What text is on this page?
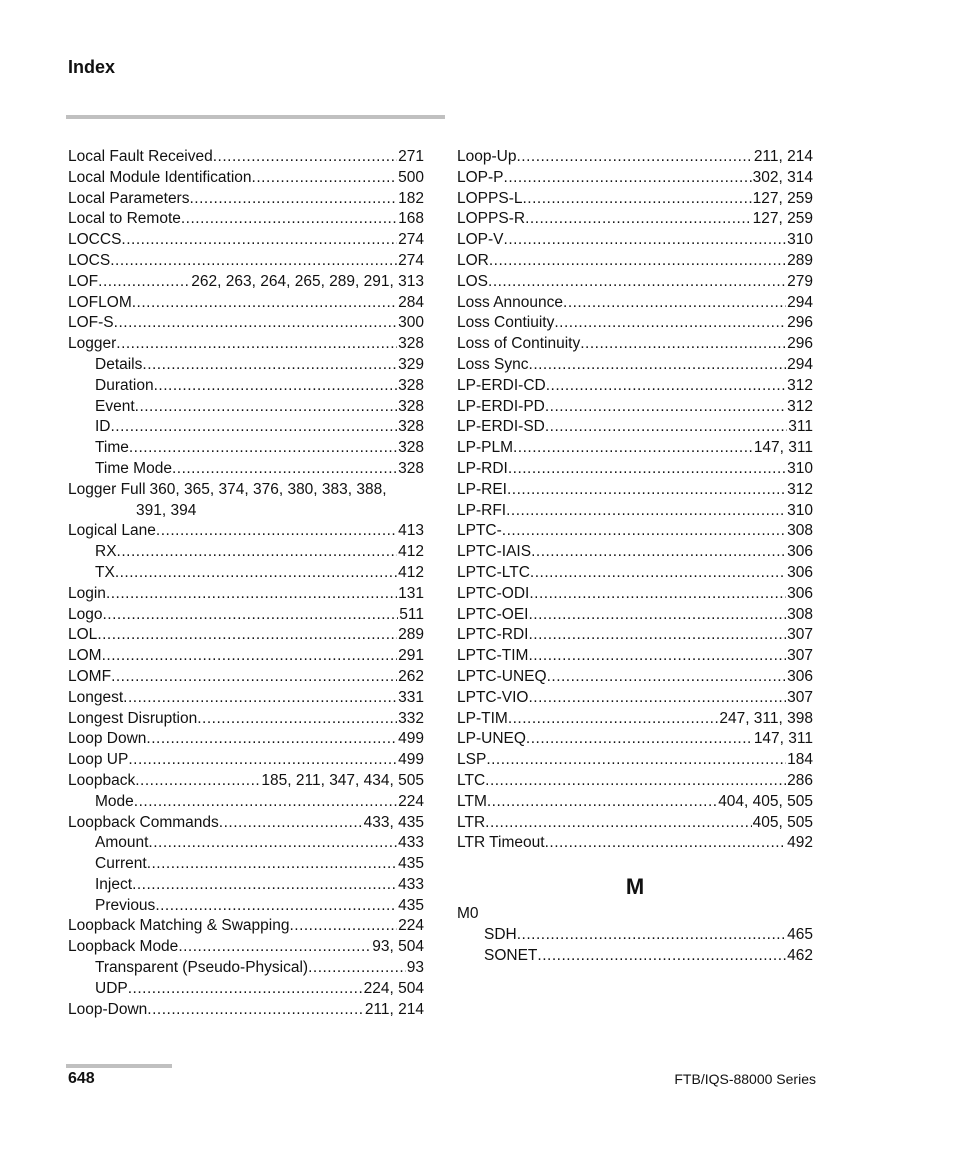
Index
Local Fault Received .....	271
Local Module Identification .....	500
Local Parameters .....	182
Local to Remote .....	168
LOCCS .....	274
LOCS .....	274
LOF .....	262, 263, 264, 265, 289, 291, 313
LOFLOM .....	284
LOF-S .....	300
Logger .....	328
Details .....	329
Duration .....	328
Event .....	328
ID .....	328
Time .....	328
Time Mode .....	328
Logger Full 360, 365, 374, 376, 380, 383, 388,
391, 394
Logical Lane .....	413
RX .....	412
TX .....	412
Login .....	131
Logo .....	511
LOL .....	289
LOM .....	291
LOMF .....	262
Longest .....	331
Longest Disruption .....	332
Loop Down .....	499
Loop UP .....	499
Loopback .....	185, 211, 347, 434, 505
Mode .....	224
Loopback Commands .....	433, 435
Amount .....	433
Current .....	435
Inject .....	433
Previous .....	435
Loopback Matching & Swapping .....	224
Loopback Mode .....	93, 504
Transparent (Pseudo-Physical) .....	93
UDP .....	224, 504
Loop-Down .....	211, 214
Loop-Up .....	211, 214
LOP-P .....	302, 314
LOPPS-L .....	127, 259
LOPPS-R .....	127, 259
LOP-V .....	310
LOR .....	289
LOS .....	279
Loss Announce .....	294
Loss Contiuity .....	296
Loss of Continuity .....	296
Loss Sync .....	294
LP-ERDI-CD .....	312
LP-ERDI-PD .....	312
LP-ERDI-SD .....	311
LP-PLM .....	147, 311
LP-RDI .....	310
LP-REI .....	312
LP-RFI .....	310
LPTC- .....	308
LPTC-IAIS .....	306
LPTC-LTC .....	306
LPTC-ODI .....	306
LPTC-OEI .....	308
LPTC-RDI .....	307
LPTC-TIM .....	307
LPTC-UNEQ .....	306
LPTC-VIO .....	307
LP-TIM .....	247, 311, 398
LP-UNEQ .....	147, 311
LSP .....	184
LTC .....	286
LTM .....	404, 405, 505
LTR .....	405, 505
LTR Timeout .....	492
M
M0
SDH .....	465
SONET .....	462
648	FTB/IQS-88000 Series
